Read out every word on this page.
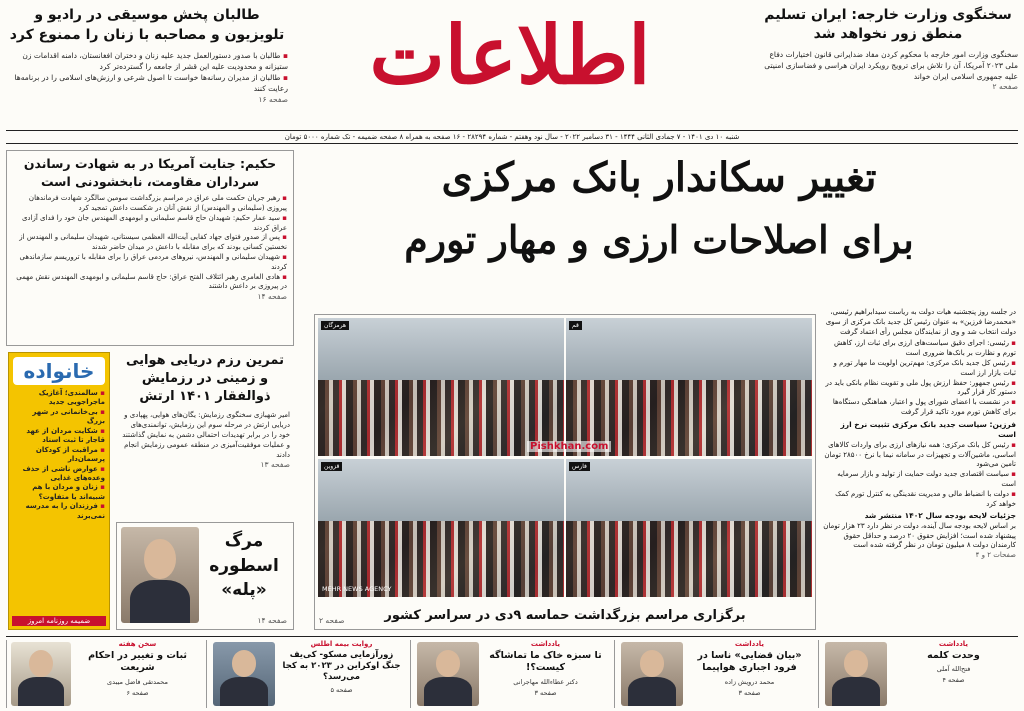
اطلاعات	سخنگوی وزارت خارجه: ایران تسلیم منطق زور نخواهد شد
سخنگوی وزارت امور خارجه با محکوم کردن مفاد ضدایرانی قانون اختیارات دفاع ملی ۲۰۲۳ آمریکا، آن را تلاش برای ترویج رویکرد ایران هراسی و فضاسازی امنیتی علیه جمهوری اسلامی ایران خواند
صفحه ۲
طالبان پخش موسیقی در رادیو و تلویزیون و مصاحبه با زنان را ممنوع کرد
▪ طالبان با صدور دستورالعمل جدید علیه زنان و دختران افغانستان، دامنه اقدامات زن ستیزانه و محدودیت علیه این قشر از جامعه را گسترده‌تر کرد
▪ طالبان از مدیران رسانه‌ها خواست تا اصول شرعی و ارزش‌های اسلامی را در برنامه‌ها رعایت کنند
صفحه ۱۶
شنبه ۱۰ دی ۱۴۰۱ - ۷ جمادی الثانی ۱۴۴۴ - ۳۱ دسامبر ۲۰۲۲ - سال نود وهفتم - شماره ۲۸۲۹۴ - ۱۶ صفحه به همراه ۸ صفحه ضمیمه - تک شماره ۵۰۰۰ تومان
تغییر سکاندار بانک مرکزی
برای اصلاحات ارزی و مهار تورم
حکیم: جنایت آمریکا در به شهادت رساندن سرداران مقاومت، نابخشودنی است
▪ رهبر جریان حکمت ملی عراق در مراسم بزرگداشت سومین سالگرد شهادت فرماندهان پیروزی (سلیمانی و المهندس) از نقش آنان در شکست داعش تمجید کرد
▪ سید عمار حکیم: شهیدان حاج قاسم سلیمانی و ابومهدی المهندس جان خود را فدای آزادی عراق کردند
▪ پس از صدور فتوای جهاد کفایی آیت‌الله العظمی سیستانی، شهیدان سلیمانی و المهندس از نخستین کسانی بودند که برای مقابله با داعش در میدان حاضر شدند
▪ شهیدان سلیمانی و المهندس، نیروهای مردمی عراق را برای مقابله با تروریسم سازماندهی کردند
▪ هادی العامری رهبر ائتلاف الفتح عراق: حاج قاسم سلیمانی و ابومهدی المهندس نقش مهمی در پیروزی بر داعش داشتند
صفحه ۱۴
خانواده
▪ سالمندی؛ آغازیک ماجراجویی جدید
▪ بی‌خانمانی در شهر بزرگ
▪ شکایت مردان از عهد قاجار تا ثبت اسناد
▪ مراقبت از کودکان پرسمان‌دار
▪ عوارض ناشی از حذف وعده‌های غذایی
▪ زنان و مردان با هم شبیه‌اند یا متفاوت؟
▪ فرزندان را به مدرسه نمی‌برند
ضمیمه روزنامه امروز
تمرین رزم دریایی هوایی و زمینی در رزمایش ذوالفقار ۱۴۰۱ ارتش
امیر شهبازی سخنگوی رزمایش: یگان‌های هوایی، پهپادی و دریایی ارتش در مرحله سوم این رزمایش، توانمندی‌های خود را در برابر تهدیدات احتمالی دشمن به نمایش گذاشتند و عملیات موفقیت‌آمیزی در منطقه عمومی رزمایش انجام دادند
صفحه ۱۳
مرگ اسطوره «پله»
صفحه ۱۴
قم
هرمزگان
فارس
قزوین
MEHR NEWS AGENCY
Pishkhan.com
برگزاری مراسم بزرگداشت حماسه ۹دی در سراسر کشور
صفحه ۲
در جلسه روز پنجشنبه هیات دولت به ریاست سیدابراهیم رئیسی، «محمدرضا فرزین» به عنوان رئیس کل جدید بانک مرکزی از سوی دولت انتخاب شد و وی از نمایندگان مجلس رأی اعتماد گرفت
▪ رئیسی: اجرای دقیق سیاست‌های ارزی برای ثبات ارز، کاهش تورم و نظارت بر بانک‌ها ضروری است
▪ رئیس کل جدید بانک مرکزی: مهم‌ترین اولویت ما مهار تورم و ثبات بازار ارز است
▪ رئیس جمهور: حفظ ارزش پول ملی و تقویت نظام بانکی باید در دستور کار قرار گیرد
▪ در نشست با اعضای شورای پول و اعتبار، هماهنگی دستگاه‌ها برای کاهش تورم مورد تاکید قرار گرفت
فرزین: سیاست جدید بانک مرکزی تثبیت نرخ ارز است
▪ رئیس کل بانک مرکزی: همه نیازهای ارزی برای واردات کالاهای اساسی، ماشین‌آلات و تجهیزات در سامانه نیما با نرخ ۲۸۵۰۰ تومان تامین می‌شود
▪ سیاست اقتصادی جدید دولت حمایت از تولید و بازار سرمایه است
▪ دولت با انضباط مالی و مدیریت نقدینگی به کنترل تورم کمک خواهد کرد
جزئیات لایحه بودجه سال ۱۴۰۲ منتشر شد
بر اساس لایحه بودجه سال آینده، دولت در نظر دارد ۲۳ هزار تومان پیشنهاد شده است؛ افزایش حقوق ۲۰ درصد و حداقل حقوق کارمندان دولت ۸ میلیون تومان در نظر گرفته شده است
صفحات ۲ و ۴
یادداشت
وحدت کلمه
فتح‌الله آملی
صفحه ۴
یادداشت
«بیان قضایی» ناسا در فرود اجباری هواپیما
محمد درویش زاده
صفحه ۳
یادداشت
تا سبزه خاک ما تماشاگه کیست؟!
دکتر عطاءالله مهاجرانی
صفحه ۳
روایت بیمه اطلس
زورآزمایی مسکو- کی‌یف جنگ اوکراین در ۲۰۲۳ به کجا می‌رسد؟
صفحه ۵
سخن هفته
ثبات و تغییر در احکام شریعت
محمدتقی فاضل میبدی
صفحه ۶
